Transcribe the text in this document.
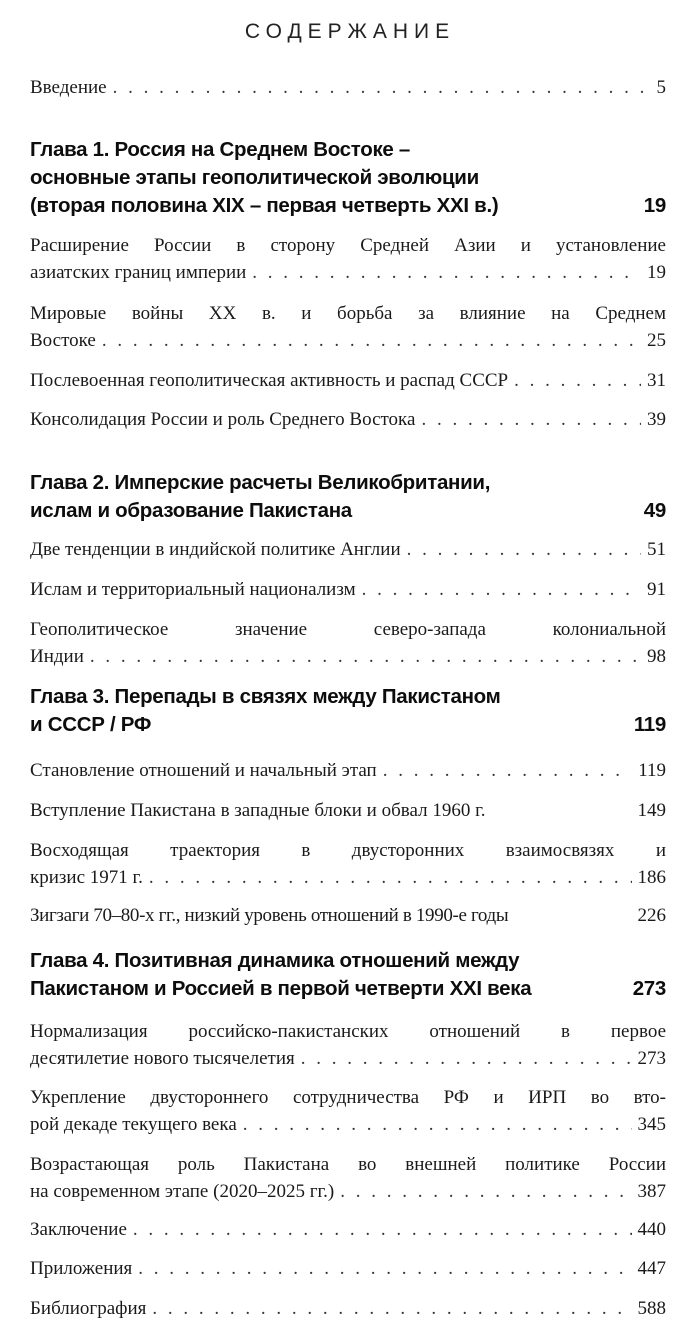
СОДЕРЖАНИЕ
Введение . . .	5
Глава 1. Россия на Среднем Востоке –
основные этапы геополитической эволюции
(вторая половина XIX – первая четверть XXI в.)	19
Расширение России в сторону Средней Азии и установление
азиатских границ империи . . .	19
Мировые войны XX в. и борьба за влияние на Среднем
Востоке . . .	25
Послевоенная геополитическая активность и распад СССР . . .	31
Консолидация России и роль Среднего Востока . . .	39
Глава 2. Имперские расчеты Великобритании,
ислам и образование Пакистана	49
Две тенденции в индийской политике Англии . . .	51
Ислам и территориальный национализм . . .	91
Геополитическое значение северо-запада колониальной
Индии . . .	98
Глава 3. Перепады в связях между Пакистаном
и СССР / РФ	119
Становление отношений и начальный этап . . .	119
Вступление Пакистана в западные блоки и обвал 1960 г.	149
Восходящая траектория в двусторонних взаимосвязях и
кризис 1971 г. . . .	186
Зигзаги 70–80-х гг., низкий уровень отношений в 1990-е годы	226
Глава 4. Позитивная динамика отношений между
Пакистаном и Россией в первой четверти XXI века	273
Нормализация российско-пакистанских отношений в первое
десятилетие нового тысячелетия . . .	273
Укрепление двустороннего сотрудничества РФ и ИРП во вто-
рой декаде текущего века . . .	345
Возрастающая роль Пакистана во внешней политике России
на современном этапе (2020–2025 гг.) . . .	387
Заключение . . .	440
Приложения . . .	447
Библиография . . .	588
